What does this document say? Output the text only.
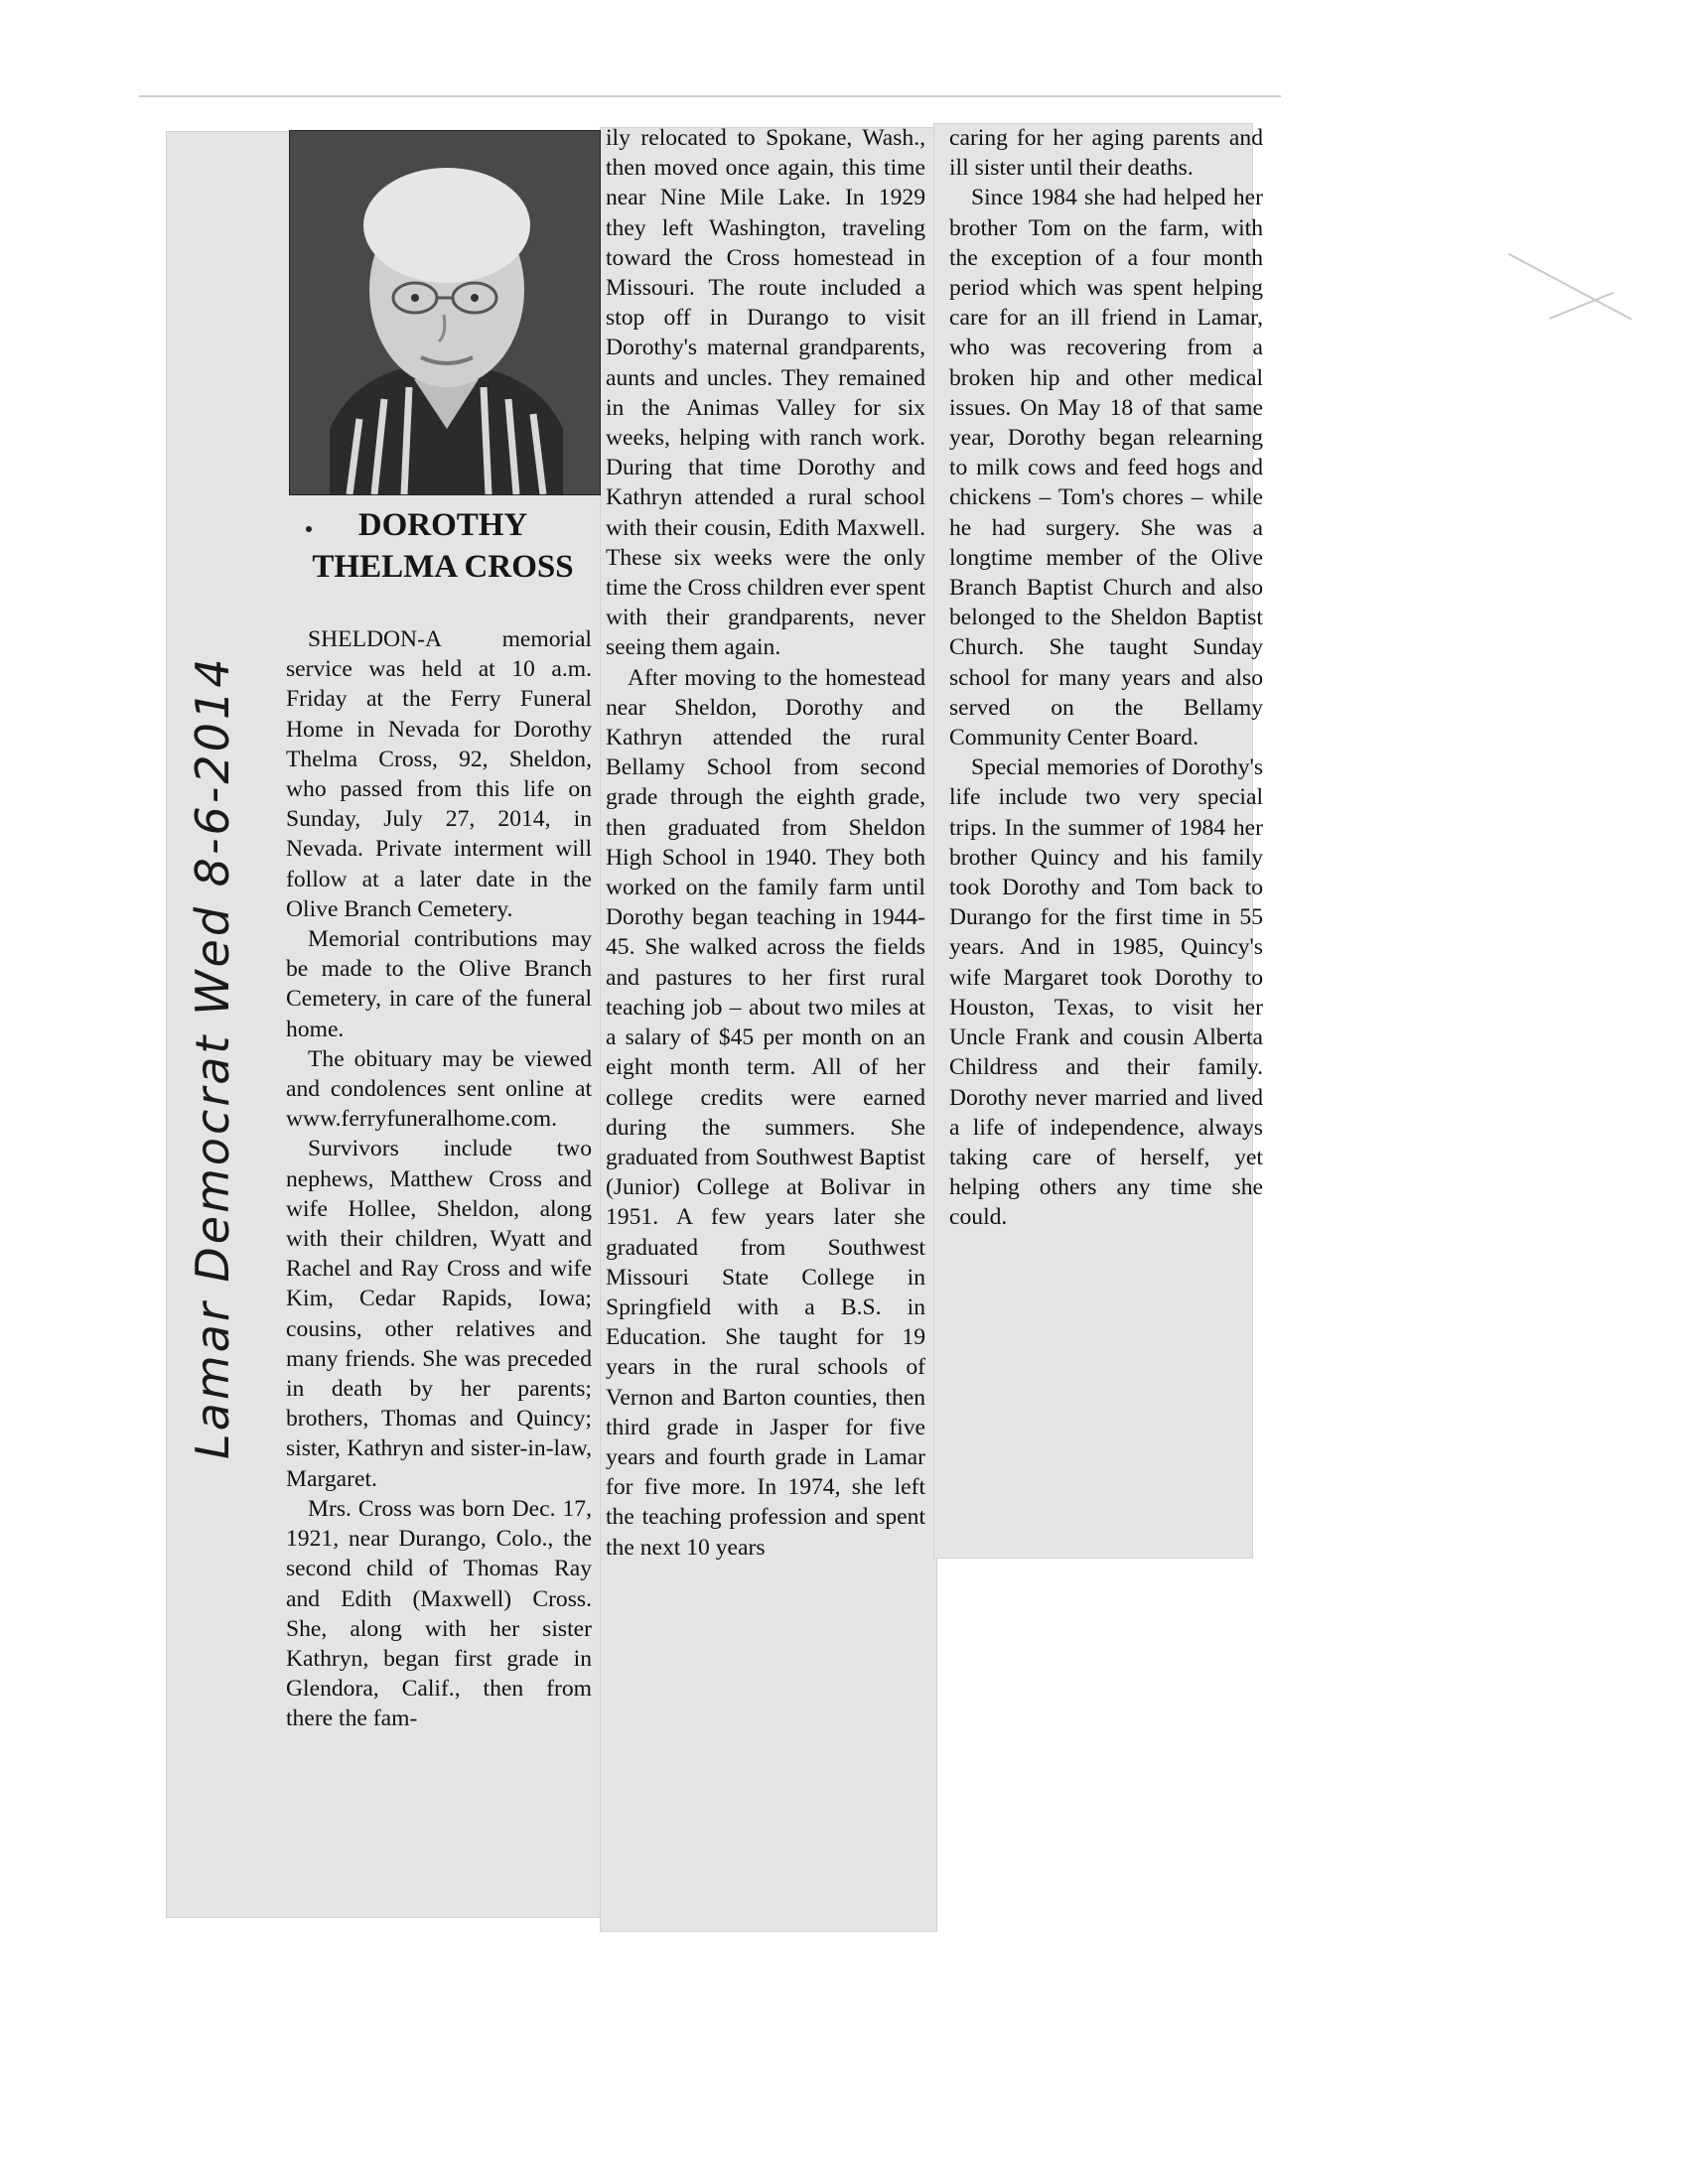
DOROTHY
THELMA CROSS
Lamar Democrat Wed 8-6-2014

SHELDON-A memorial service was held at 10 a.m. Friday at the Ferry Funeral Home in Nevada for Dorothy Thelma Cross, 92, Sheldon, who passed from this life on Sunday, July 27, 2014, in Nevada. Private interment will follow at a later date in the Olive Branch Cemetery.

Memorial contributions may be made to the Olive Branch Cemetery, in care of the funeral home.

The obituary may be viewed and condolences sent online at www.ferryfuneralhome.com.

Survivors include two nephews, Matthew Cross and wife Hollee, Sheldon, along with their children, Wyatt and Rachel and Ray Cross and wife Kim, Cedar Rapids, Iowa; cousins, other relatives and many friends. She was preceded in death by her parents; brothers, Thomas and Quincy; sister, Kathryn and sister-in-law, Margaret.

Mrs. Cross was born Dec. 17, 1921, near Durango, Colo., the second child of Thomas Ray and Edith (Maxwell) Cross. She, along with her sister Kathryn, began first grade in Glendora, Calif., then from there the fam-

ily relocated to Spokane, Wash., then moved once again, this time near Nine Mile Lake. In 1929 they left Washington, traveling toward the Cross homestead in Missouri. The route included a stop off in Durango to visit Dorothy's maternal grandparents, aunts and uncles. They remained in the Animas Valley for six weeks, helping with ranch work. During that time Dorothy and Kathryn attended a rural school with their cousin, Edith Maxwell. These six weeks were the only time the Cross children ever spent with their grandparents, never seeing them again.

After moving to the homestead near Sheldon, Dorothy and Kathryn attended the rural Bellamy School from second grade through the eighth grade, then graduated from Sheldon High School in 1940. They both worked on the family farm until Dorothy began teaching in 1944-45. She walked across the fields and pastures to her first rural teaching job – about two miles at a salary of $45 per month on an eight month term. All of her college credits were earned during the summers. She graduated from Southwest Baptist (Junior) College at Bolivar in 1951. A few years later she graduated from Southwest Missouri State College in Springfield with a B.S. in Education. She taught for 19 years in the rural schools of Vernon and Barton counties, then third grade in Jasper for five years and fourth grade in Lamar for five more. In 1974, she left the teaching profession and spent the next 10 years

caring for her aging parents and ill sister until their deaths.

Since 1984 she had helped her brother Tom on the farm, with the exception of a four month period which was spent helping care for an ill friend in Lamar, who was recovering from a broken hip and other medical issues. On May 18 of that same year, Dorothy began relearning to milk cows and feed hogs and chickens – Tom's chores – while he had surgery. She was a longtime member of the Olive Branch Baptist Church and also belonged to the Sheldon Baptist Church. She taught Sunday school for many years and also served on the Bellamy Community Center Board.

Special memories of Dorothy's life include two very special trips. In the summer of 1984 her brother Quincy and his family took Dorothy and Tom back to Durango for the first time in 55 years. And in 1985, Quincy's wife Margaret took Dorothy to Houston, Texas, to visit her Uncle Frank and cousin Alberta Childress and their family. Dorothy never married and lived a life of independence, always taking care of herself, yet helping others any time she could.
